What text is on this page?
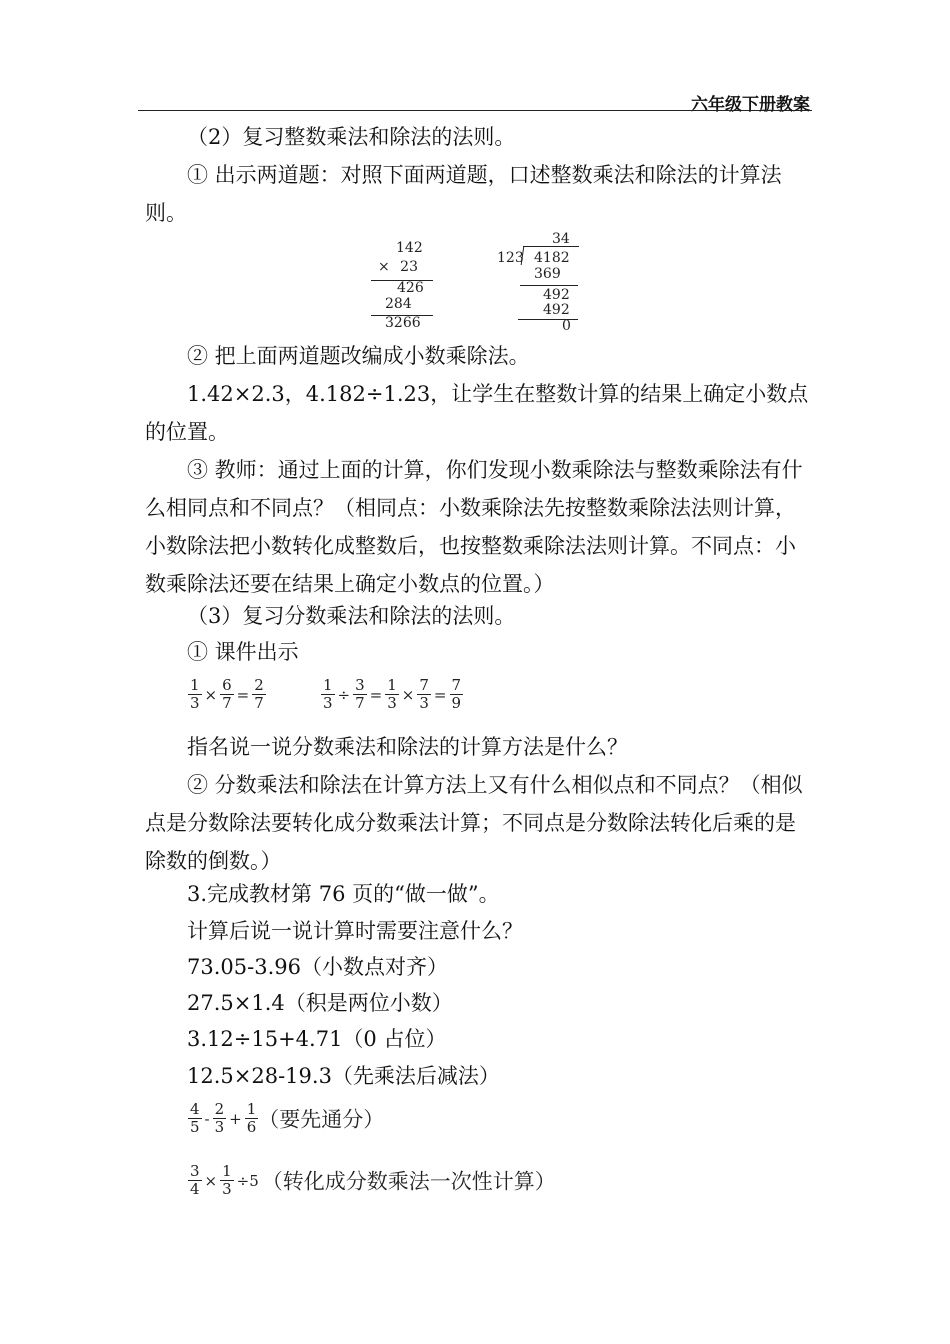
六年级下册教案

（2）复习整数乘法和除法的法则。

① 出示两道题：对照下面两道题，口述整数乘法和除法的计算法则。

142
× 23
426
284
3266
34
123 4182
369
492
492
0

② 把上面两道题改编成小数乘除法。

1.42×2.3，4.182÷1.23，让学生在整数计算的结果上确定小数点的位置。

③ 教师：通过上面的计算，你们发现小数乘除法与整数乘除法有什么相同点和不同点？（相同点：小数乘除法先按整数乘除法法则计算，小数除法把小数转化成整数后，也按整数乘除法法则计算。不同点：小数乘除法还要在结果上确定小数点的位置。）

（3）复习分数乘法和除法的法则。

① 课件出示

$\frac{1}{3} \times \frac{6}{7} = \frac{2}{7}$	$\frac{1}{3} \div \frac{3}{7} = \frac{1}{3} \times \frac{7}{3} = \frac{7}{9}$

指名说一说分数乘法和除法的计算方法是什么？

② 分数乘法和除法在计算方法上又有什么相似点和不同点？（相似点是分数除法要转化成分数乘法计算；不同点是分数除法转化后乘的是除数的倒数。）

3.完成教材第 76 页的“做一做”。

计算后说一说计算时需要注意什么？

73.05-3.96（小数点对齐）

27.5×1.4（积是两位小数）

3.12÷15+4.71（0 占位）

12.5×28-19.3（先乘法后减法）

$\frac{4}{5} - \frac{2}{3} + \frac{1}{6}$ （要先通分）
$\frac{3}{4} \times \frac{1}{3} \div 5$ （转化成分数乘法一次性计算）
